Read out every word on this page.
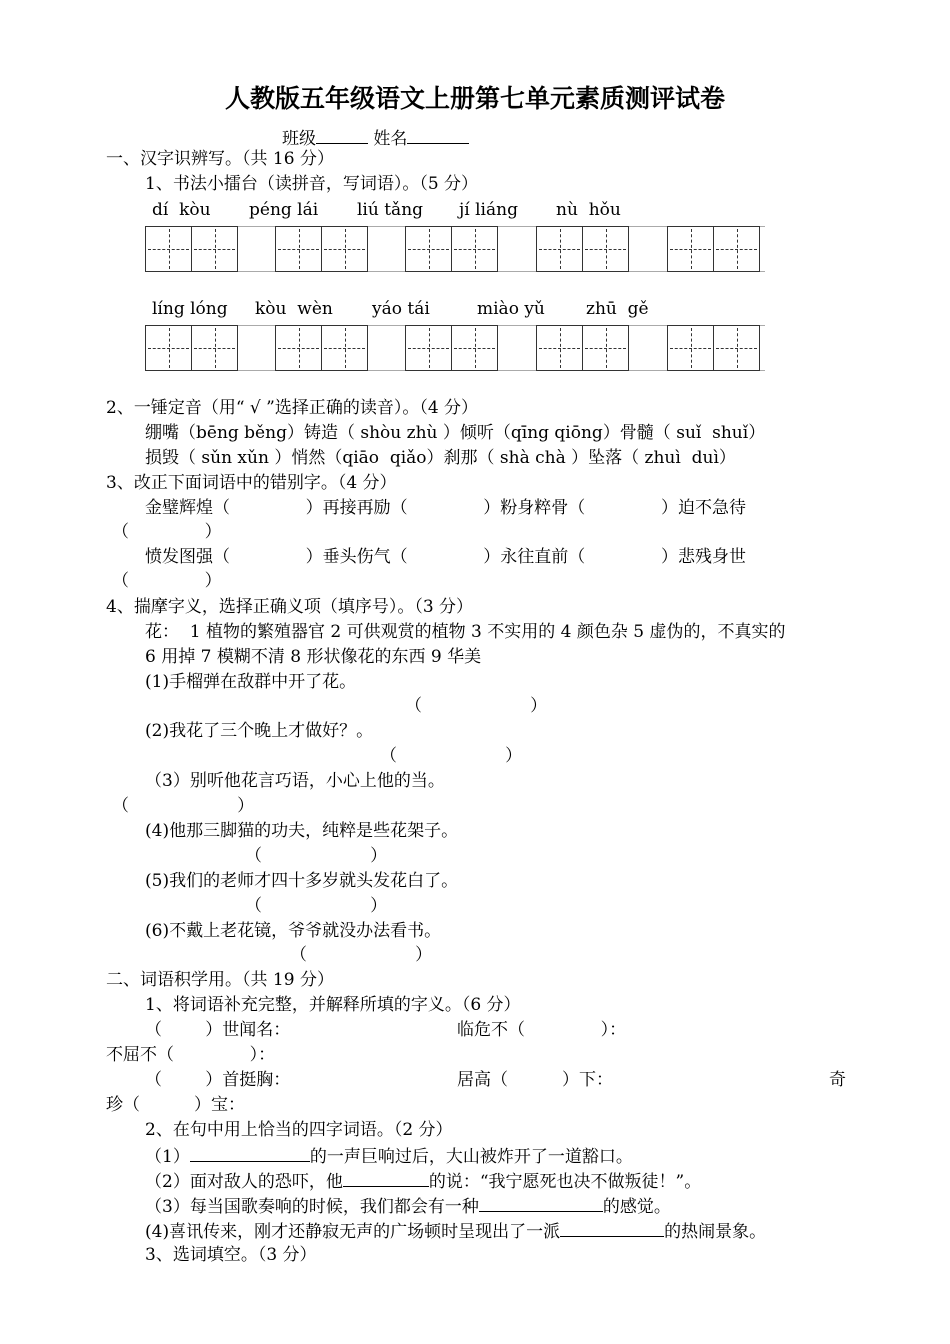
人教版五年级语文上册第七单元素质测评试卷
班级	姓名
一、汉字识辨写。（共 16 分）
1、书法小擂台（读拼音，写词语）。（5 分）
dí  kòu péng lái liú tǎng jí liáng nù  hǒu
líng lóng kòu  wèn yáo tái	miào yǔ zhū  gě
2、一锤定音（用“ √ ”选择正确的读音）。（4 分）
绷嘴（bēng běng）铸造（ shòu zhù ）倾听（qīng qiōng）骨髓（ suǐ  shuǐ）
损毁（ sǔn xǔn ）悄然（qiāo  qiǎo）刹那（ shà chà ）坠落（ zhuì  duì）
3、改正下面词语中的错别字。（4 分）
金璧辉煌（              ）再接再励（              ）粉身粹骨（              ）迫不急待
（              ）
愤发图强（              ）垂头伤气（              ）永往直前（              ）悲残身世
（              ）
4、揣摩字义，选择正确义项（填序号）。（3 分）
花：  1 植物的繁殖器官 2 可供观赏的植物 3 不实用的 4 颜色杂 5 虚伪的，不真实的
6 用掉 7 模糊不清 8 形状像花的东西 9 华美
(1)手榴弹在敌群中开了花。
（                    ）
(2)我花了三个晚上才做好？。
（                    ）
（3）别听他花言巧语，小心上他的当。
（                    ）
(4)他那三脚猫的功夫，纯粹是些花架子。
（                    ）
(5)我们的老师才四十多岁就头发花白了。
（                    ）
(6)不戴上老花镜，爷爷就没办法看书。
（                    ）
二、词语积学用。（共 19 分）
1、将词语补充完整，并解释所填的字义。（6 分）
（        ）世闻名：	临危不（              ）：
不屈不（              ）：
（        ）首挺胸：	居高（          ）下：	奇
珍（          ）宝：
2、在句中用上恰当的四字词语。（2 分）
（1）	的一声巨响过后，大山被炸开了一道豁口。
（2）面对敌人的恐吓，他	的说：“我宁愿死也决不做叛徒！”。
（3）每当国歌奏响的时候，我们都会有一种	的感觉。
(4)喜讯传来，刚才还静寂无声的广场顿时呈现出了一派	的热闹景象。
3、选词填空。（3 分）
